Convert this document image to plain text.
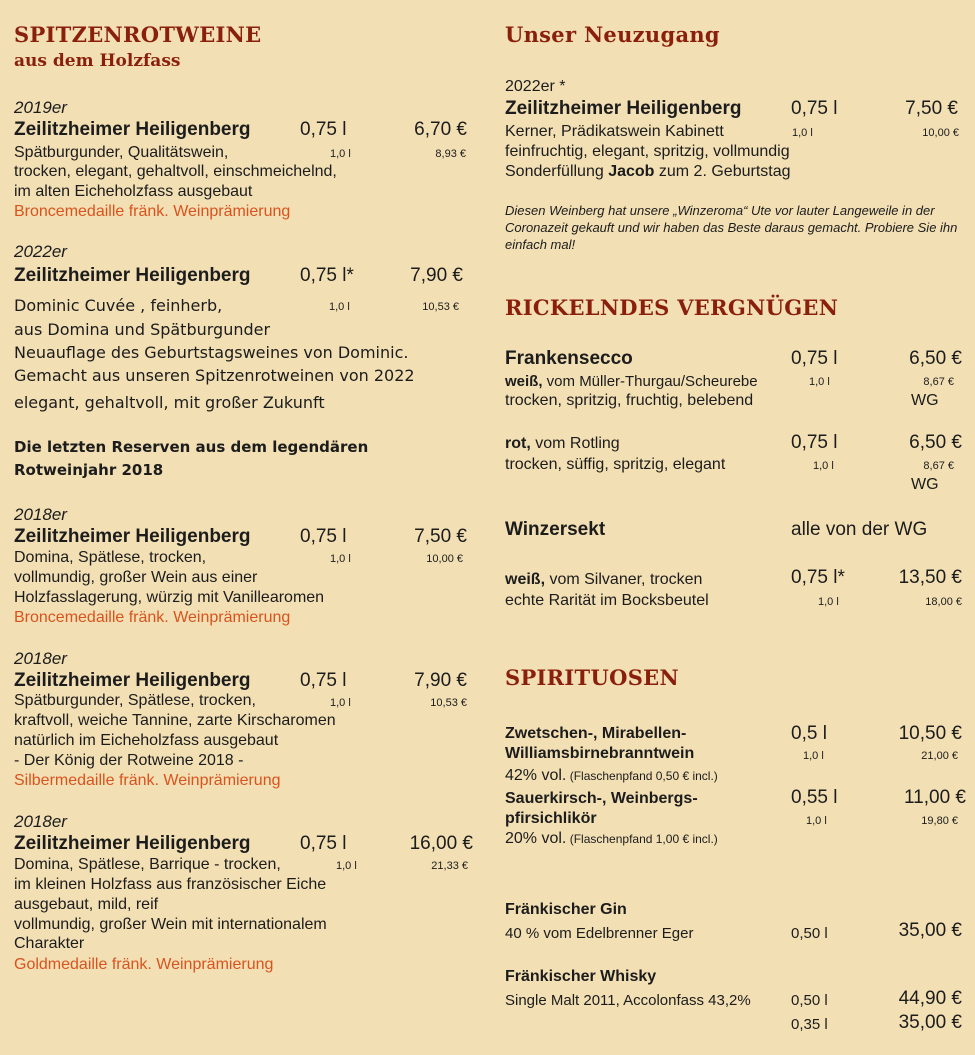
SPITZENROTWEINE
aus dem Holzfass
2019er
Zeilitzheimer Heiligenberg	0,75 l	6,70 €
Spätburgunder, Qualitätswein,	1,0 l	8,93 €
trocken, elegant, gehaltvoll, einschmeichelnd,
im alten Eicheholzfass ausgebaut
Broncemedaille fränk. Weinprämierung
2022er
Zeilitzheimer Heiligenberg	0,75 l*	7,90 €
Dominic Cuvée , feinherb,	1,0 l	10,53 €
aus Domina und Spätburgunder
Neuauflage des Geburtstagsweines von Dominic.
Gemacht aus unseren Spitzenrotweinen von 2022
elegant, gehaltvoll, mit großer Zukunft
Die letzten Reserven aus dem legendären Rotweinjahr 2018
2018er
Zeilitzheimer Heiligenberg	0,75 l	7,50 €
Domina, Spätlese, trocken,	1,0 l	10,00 €
vollmundig, großer Wein aus einer
Holzfasslagerung, würzig mit Vanillearomen
Broncemedaille fränk. Weinprämierung
2018er
Zeilitzheimer Heiligenberg	0,75 l	7,90 €
Spätburgunder, Spätlese, trocken,	1,0 l	10,53 €
kraftvoll, weiche Tannine, zarte Kirscharomen
natürlich im Eicheholzfass ausgebaut
- Der König der Rotweine 2018 -
Silbermedaille fränk. Weinprämierung
2018er
Zeilitzheimer Heiligenberg	0,75 l	16,00 €
Domina, Spätlese, Barrique - trocken,	1,0 l	21,33 €
im kleinen Holzfass aus französischer Eiche
ausgebaut, mild, reif
vollmundig, großer Wein mit internationalem
Charakter
Goldmedaille fränk. Weinprämierung
Unser Neuzugang
2022er *
Zeilitzheimer Heiligenberg	0,75 l	7,50 €
Kerner, Prädikatswein Kabinett	1,0 l	10,00 €
feinfruchtig, elegant, spritzig, vollmundig
Sonderfüllung Jacob zum 2. Geburtstag
Diesen Weinberg hat unsere „Winzeroma“ Ute vor lauter Langeweile in der Coronazeit gekauft und wir haben das Beste daraus gemacht. Probiere Sie ihn einfach mal!
RICKELNDES VERGNÜGEN
Frankensecco	0,75 l	6,50 €
weiß, vom Müller-Thurgau/Scheurebe	1,0 l	8,67 €
trocken, spritzig, fruchtig, belebend	WG
rot, vom Rotling	0,75 l	6,50 €
trocken, süffig, spritzig, elegant	1,0 l	8,67 €
WG
Winzersekt	alle von der WG
weiß, vom Silvaner, trocken	0,75 l*	13,50 €
echte Rarität im Bocksbeutel	1,0 l	18,00 €
SPIRITUOSEN
Zwetschen-, Mirabellen-
Williamsbirnebranntwein
0,5 l	10,50 €
1,0 l	21,00 €
42% vol. (Flaschenpfand 0,50 € incl.)
Sauerkirsch-, Weinbergs-
pfirsichlikör
0,55 l	11,00 €
1,0 l	19,80 €
20% vol. (Flaschenpfand 1,00 € incl.)
Fränkischer Gin
40 % vom Edelbrenner Eger	0,50 l	35,00 €
Fränkischer Whisky
Single Malt 2011, Accolonfass 43,2%	0,50 l	44,90 €
0,35 l	35,00 €
